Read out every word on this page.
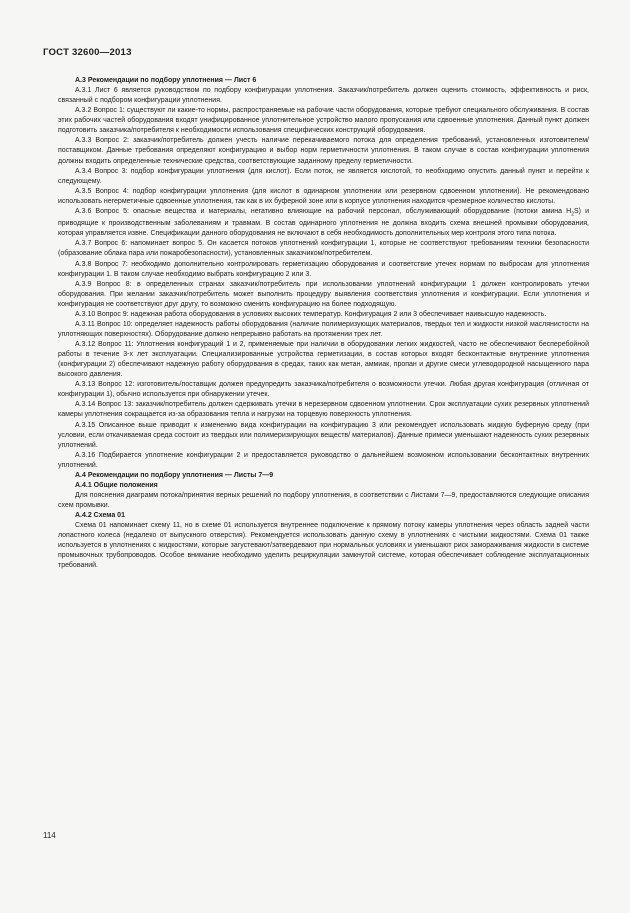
ГОСТ 32600—2013

А.3 Рекомендации по подбору уплотнения — Лист 6

А.3.1 Лист 6 является руководством по подбору конфигурации уплотнения. Заказчик/потребитель должен оценить стоимость, эффективность и риск, связанный с подбором конфигурации уплотнения.

А.3.2 Вопрос 1: существуют ли какие-то нормы, распространяемые на рабочие части оборудования, которые требуют специального обслуживания. В состав этих рабочих частей оборудования входят унифицированное уплотнительное устройство малого пропускания или сдвоенные уплотнения. Данный пункт должен подготовить заказчика/потребителя к необходимости использования специфических конструкций оборудования.

А.3.3 Вопрос 2: заказчик/потребитель должен учесть наличие перекачиваемого потока для определения требований, установленных изготовителем/поставщиком. Данные требования определяют конфигурацию и выбор норм герметичности уплотнения. В таком случае в состав конфигурации уплотнения должны входить определенные технические средства, соответствующие заданному пределу герметичности.

А.3.4 Вопрос 3: подбор конфигурации уплотнения (для кислот). Если поток, не является кислотой, то необходимо опустить данный пункт и перейти к следующему.

А.3.5 Вопрос 4: подбор конфигурации уплотнения (для кислот в одинарном уплотнении или резервном сдвоенном уплотнении). Не рекомендовано использовать негерметичные сдвоенные уплотнения, так как в их буферной зоне или в корпусе уплотнения находится чрезмерное количество кислоты.

А.3.6 Вопрос 5: опасные вещества и материалы, негативно влияющие на рабочий персонал, обслуживающий оборудование (потоки амина $H_2S$) и приводящие к производственным заболеваниям и травмам. В состав одинарного уплотнения не должна входить схема внешней промывки оборудования, которая управляется извне. Спецификации данного оборудования не включают в себя необходимость дополнительных мер контроля этого типа потока.

А.3.7 Вопрос 6: напоминает вопрос 5. Он касается потоков уплотнений конфигурации 1, которые не соответствуют требованиям техники безопасности (образование облака пара или пожаробезопасности), установленных заказчиком/потребителем.

А.3.8 Вопрос 7: необходимо дополнительно контролировать герметизацию оборудования и соответствие утечек нормам по выбросам для уплотнения конфигурации 1. В таком случае необходимо выбрать конфигурацию 2 или 3.

А.3.9 Вопрос 8: в определенных странах заказчик/потребитель при использовании уплотнений конфигурации 1 должен контролировать утечки оборудования. При желании заказчик/потребитель может выполнить процедуру выявления соответствия уплотнения и конфигурации. Если уплотнения и конфигурация не соответствуют друг другу, то возможно сменить конфигурацию на более подходящую.

А.3.10 Вопрос 9: надежная работа оборудования в условиях высоких температур. Конфигурация 2 или 3 обеспечивает наивысшую надежность.

А.3.11 Вопрос 10: определяет надежность работы оборудования (наличие полимеризующих материалов, твердых тел и жидкости низкой маслянистости на уплотняющих поверхностях). Оборудование должно непрерывно работать на протяжении трех лет.

А.3.12 Вопрос 11: Уплотнения конфигураций 1 и 2, применяемые при наличии в оборудовании легких жидкостей, часто не обеспечивают бесперебойной работы в течение 3-х лет эксплуатации. Специализированные устройства герметизации, в состав которых входят бесконтактные внутренние уплотнения (конфигурации 2) обеспечивают надежную работу оборудования в средах, таких как метан, аммиак, пропан и другие смеси углеводородной насыщенного пара высокого давления.

А.3.13 Вопрос 12: изготовитель/поставщик должен предупредить заказчика/потребителя о возможности утечки. Любая другая конфигурация (отличная от конфигурации 1), обычно используется при обнаружении утечек.

А.3.14 Вопрос 13: заказчик/потребитель должен сдерживать утечки в нерезервном сдвоенном уплотнении. Срок эксплуатации сухих резервных уплотнений камеры уплотнения сокращается из-за образования тепла и нагрузки на торцевую поверхность уплотнения.

А.3.15 Описанное выше приводит к изменению вида конфигурации на конфигурацию 3 или рекомендует использовать жидкую буферную среду (при условии, если откачиваемая среда состоит из твердых или полимеризирующих веществ/ материалов). Данные примеси уменьшают надежность сухих резервных уплотнений.

А.3.16 Подбирается уплотнение конфигурации 2 и предоставляется руководство о дальнейшем возможном использовании бесконтактных внутренних уплотнений.

А.4 Рекомендации по подбору уплотнения — Листы 7—9

А.4.1 Общие положения

Для пояснения диаграмм потока/принятия верных решений по подбору уплотнения, в соответствии с Листами 7—9, предоставляются следующие описания схем промывки.

А.4.2 Схема 01

Схема 01 напоминает схему 11, но в схеме 01 используется внутреннее подключение к прямому потоку камеры уплотнения через область задней части лопастного колеса (недалеко от выпускного отверстия). Рекомендуется использовать данную схему в уплотнениях с чистыми жидкостями. Схема 01 также используется в уплотнениях с жидкостями, которые загустевают/затвердевают при нормальных условиях и уменьшают риск замораживания жидкости в системе промывочных трубопроводов. Особое внимание необходимо уделить рециркуляции замкнутой системе, которая обеспечивает соблюдение эксплуатационных требований.

114
